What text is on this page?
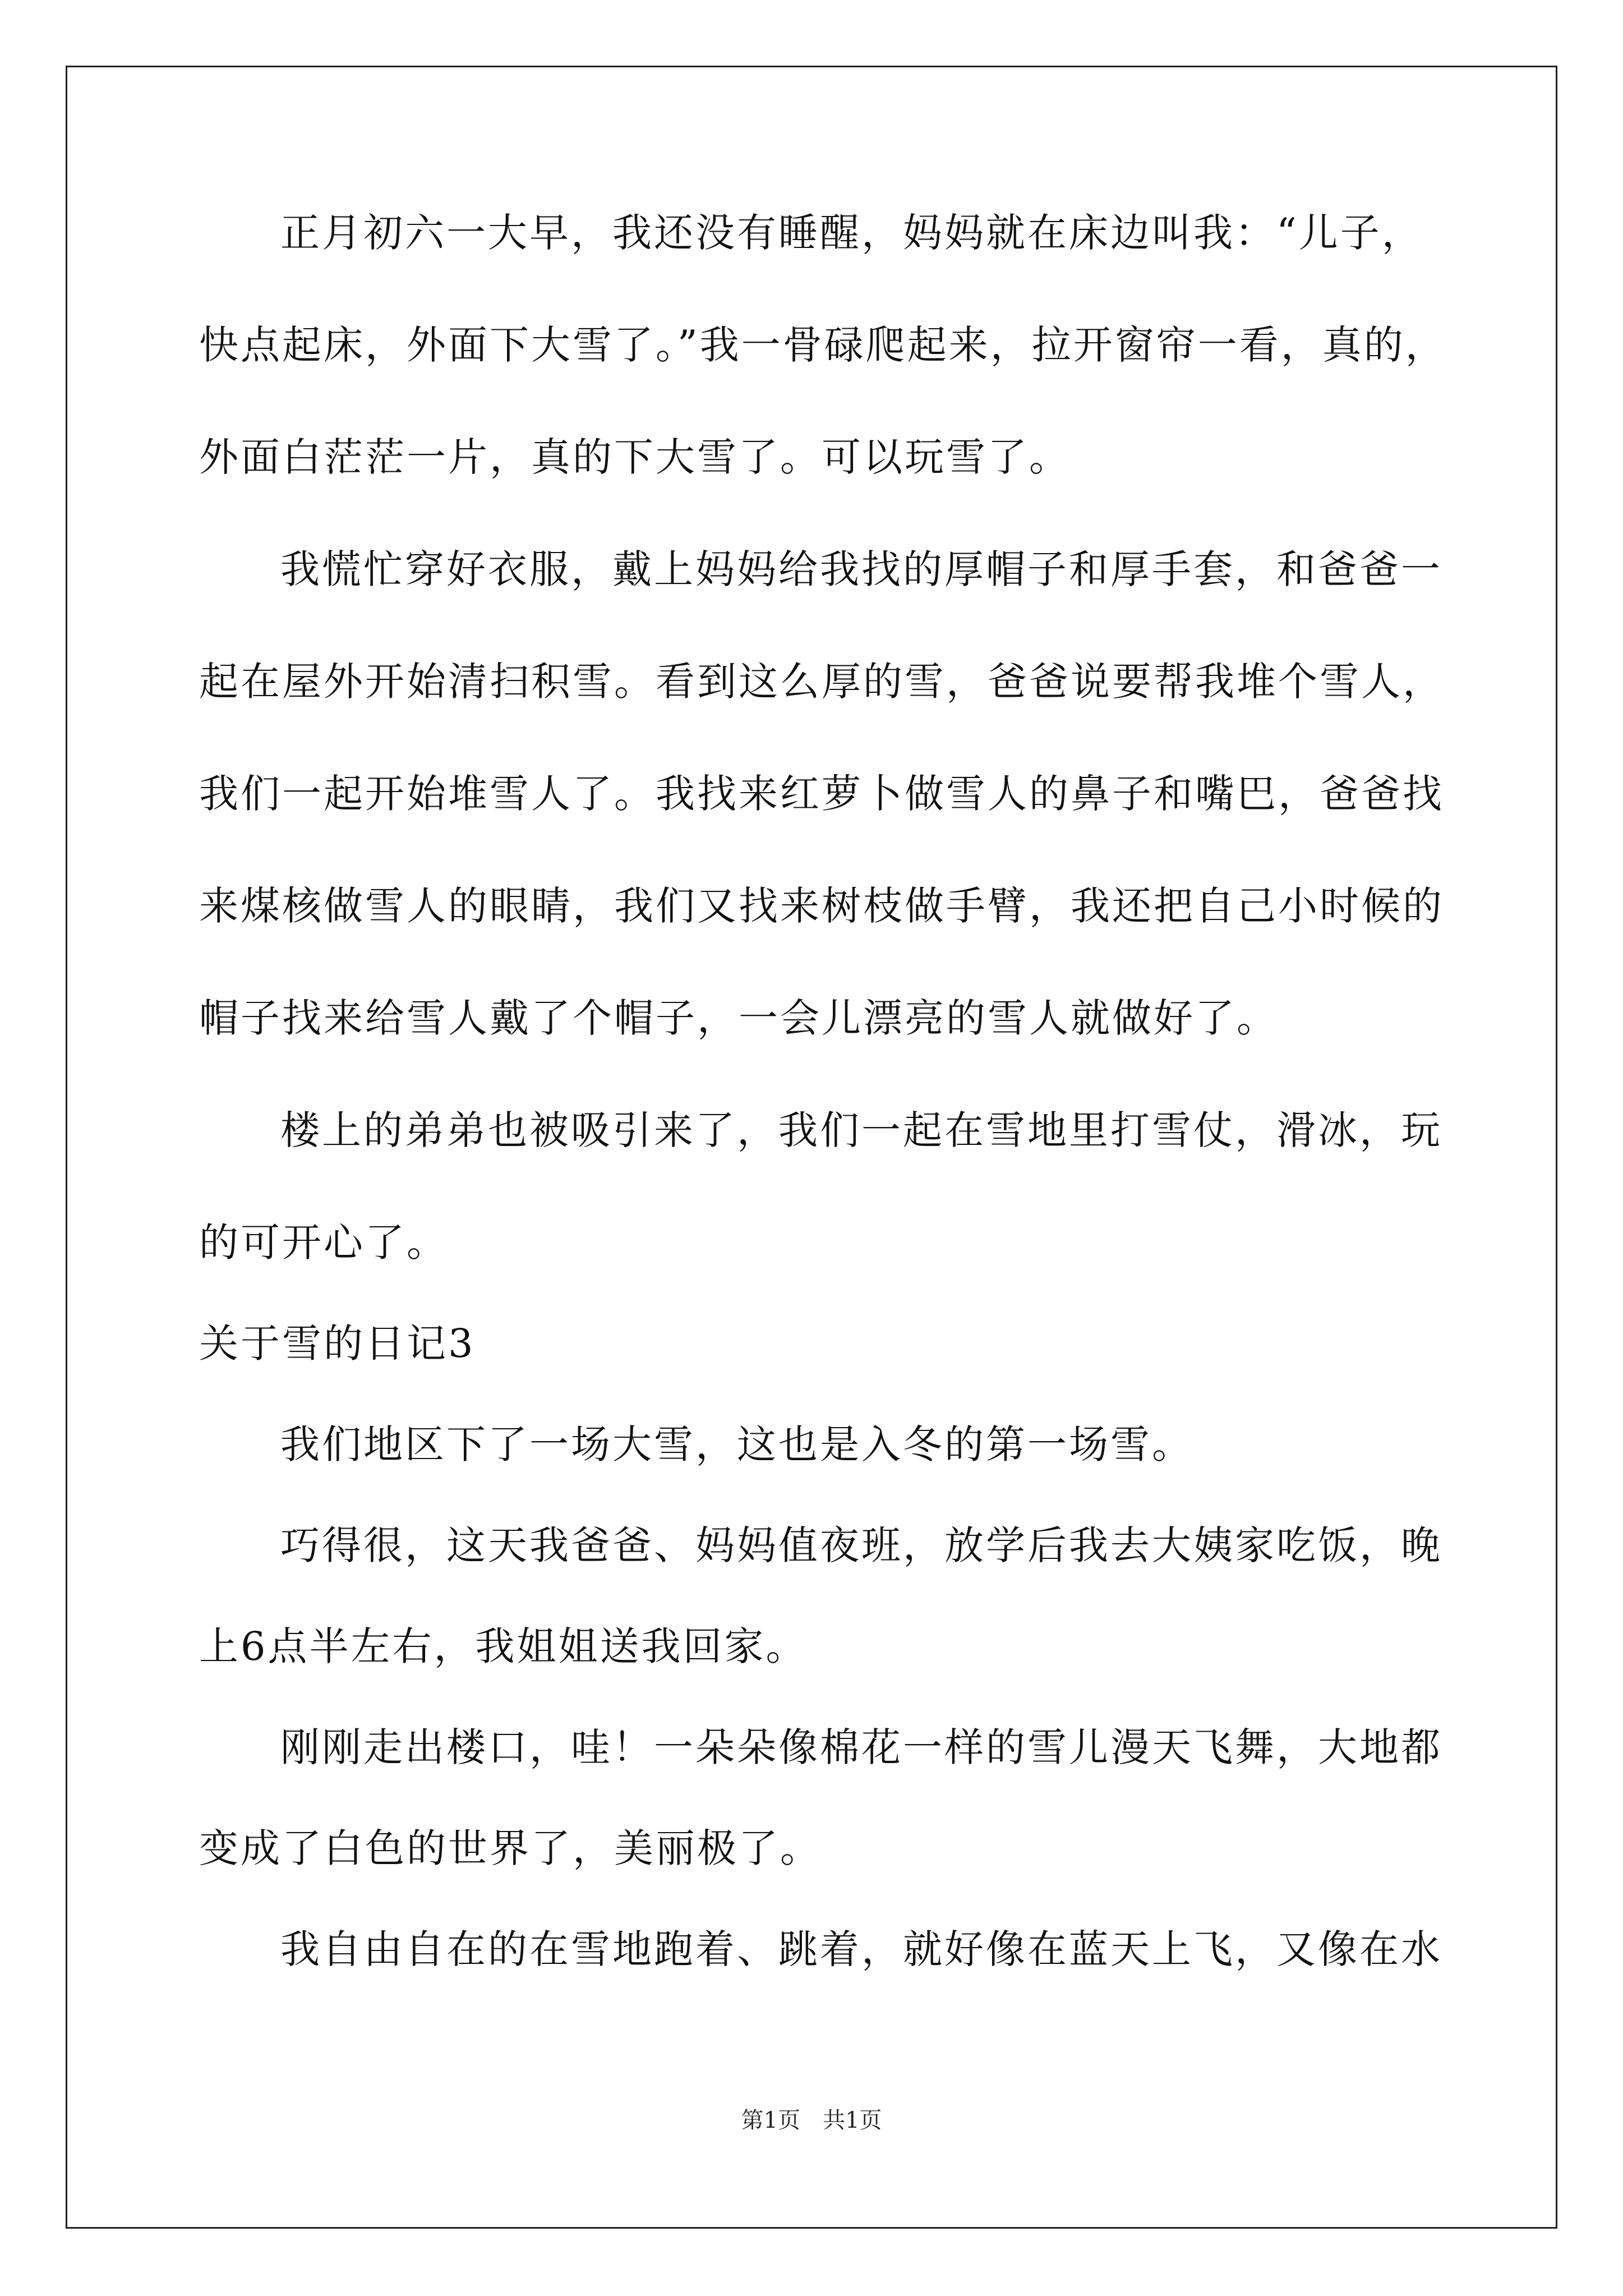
正月初六一大早，我还没有睡醒，妈妈就在床边叫我：“儿子，
快点起床，外面下大雪了。”我一骨碌爬起来，拉开窗帘一看，真的，
外面白茫茫一片，真的下大雪了。可以玩雪了。
我慌忙穿好衣服，戴上妈妈给我找的厚帽子和厚手套，和爸爸一
起在屋外开始清扫积雪。看到这么厚的雪，爸爸说要帮我堆个雪人，
我们一起开始堆雪人了。我找来红萝卜做雪人的鼻子和嘴巴，爸爸找
来煤核做雪人的眼睛，我们又找来树枝做手臂，我还把自己小时候的
帽子找来给雪人戴了个帽子，一会儿漂亮的雪人就做好了。
楼上的弟弟也被吸引来了，我们一起在雪地里打雪仗，滑冰，玩
的可开心了。
关于雪的日记3
我们地区下了一场大雪，这也是入冬的第一场雪。
巧得很，这天我爸爸、妈妈值夜班，放学后我去大姨家吃饭，晚
上6点半左右，我姐姐送我回家。
刚刚走出楼口，哇！一朵朵像棉花一样的雪儿漫天飞舞，大地都
变成了白色的世界了，美丽极了。
我自由自在的在雪地跑着、跳着，就好像在蓝天上飞，又像在水
第1页 共1页
